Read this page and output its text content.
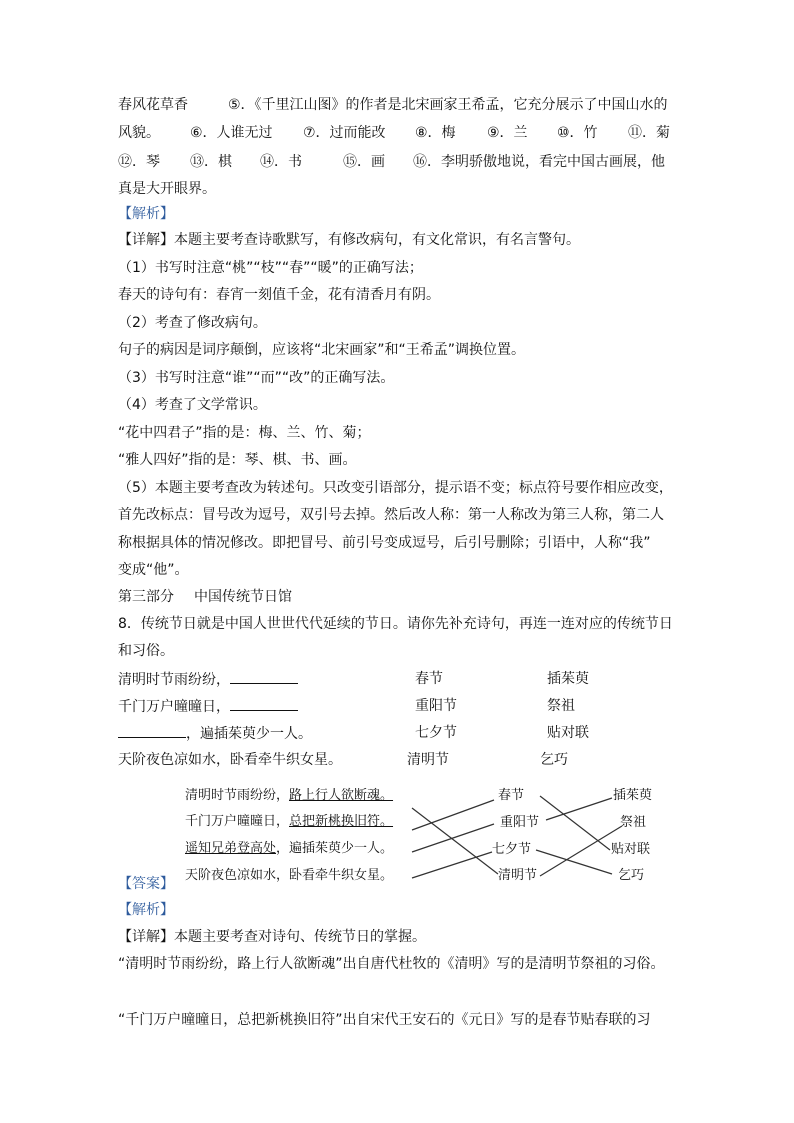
春风花草香	⑤．《千里江山图》的作者是北宋画家王希孟，它充分展示了中国山水的
风貌。 ⑥．人谁无过 ⑦．过而能改 ⑧．梅 ⑨．兰 ⑩．竹 ⑪．菊
⑫．琴 ⑬．棋 ⑭．书	⑮．画 ⑯．李明骄傲地说，看完中国古画展，他
真是大开眼界。
【解析】
【详解】本题主要考查诗歌默写，有修改病句，有文化常识，有名言警句。
（1）书写时注意“桃”“枝”“春”“暖”的正确写法；
春天的诗句有：春宵一刻值千金，花有清香月有阴。
（2）考查了修改病句。
句子的病因是词序颠倒，应该将“北宋画家”和“王希孟”调换位置。
（3）书写时注意“谁”“而”“改”的正确写法。
（4）考查了文学常识。
“花中四君子”指的是：梅、兰、竹、菊；
“雅人四好”指的是：琴、棋、书、画。
（5）本题主要考查改为转述句。只改变引语部分，提示语不变；标点符号要作相应改变，
首先改标点：冒号改为逗号，双引号去掉。然后改人称：第一人称改为第三人称，第二人
称根据具体的情况修改。即把冒号、前引号变成逗号，后引号删除；引语中，人称“我”
变成“他”。
第三部分 中国传统节日馆
8．传统节日就是中国人世世代代延续的节日。请你先补充诗句，再连一连对应的传统节日
和习俗。
清明时节雨纷纷，	春节	插茱萸
千门万户曈曈日，	重阳节	祭祖
，遍插茱萸少一人。	七夕节	贴对联
天阶夜色凉如水，卧看牵牛织女星。	清明节	乞巧
清明时节雨纷纷，路上行人欲断魂。
千门万户曈曈日，总把新桃换旧符。
遥知兄弟登高处，遍插茱萸少一人。
天阶夜色凉如水，卧看牵牛织女星。
春节
重阳节
七夕节
清明节
插茱萸
祭祖
贴对联
乞巧
【答案】
【解析】
【详解】本题主要考查对诗句、传统节日的掌握。
“清明时节雨纷纷，路上行人欲断魂”出自唐代杜牧的《清明》写的是清明节祭祖的习俗。
“千门万户曈曈日，总把新桃换旧符”出自宋代王安石的《元日》写的是春节贴春联的习
